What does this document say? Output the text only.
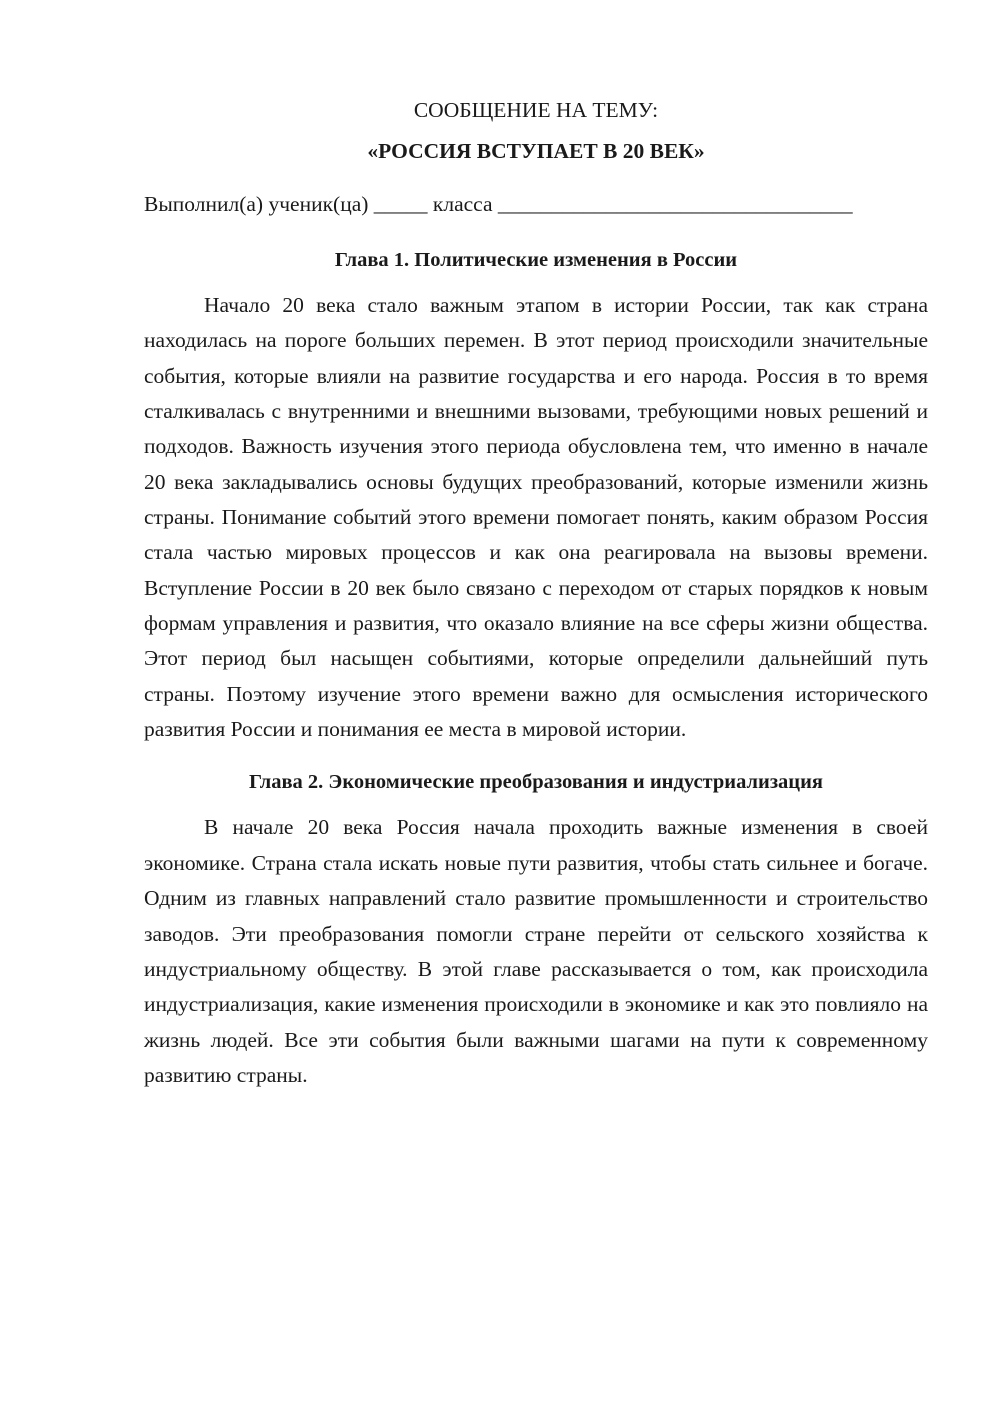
СООБЩЕНИЕ НА ТЕМУ:

«РОССИЯ ВСТУПАЕТ В 20 ВЕК»

Выполнил(а) ученик(ца) _____ класса _________________________________

Глава 1. Политические изменения в России

Начало 20 века стало важным этапом в истории России, так как страна находилась на пороге больших перемен. В этот период происходили значительные события, которые влияли на развитие государства и его народа. Россия в то время сталкивалась с внутренними и внешними вызовами, требующими новых решений и подходов. Важность изучения этого периода обусловлена тем, что именно в начале 20 века закладывались основы будущих преобразований, которые изменили жизнь страны. Понимание событий этого времени помогает понять, каким образом Россия стала частью мировых процессов и как она реагировала на вызовы времени. Вступление России в 20 век было связано с переходом от старых порядков к новым формам управления и развития, что оказало влияние на все сферы жизни общества. Этот период был насыщен событиями, которые определили дальнейший путь страны. Поэтому изучение этого времени важно для осмысления исторического развития России и понимания ее места в мировой истории.

Глава 2. Экономические преобразования и индустриализация

В начале 20 века Россия начала проходить важные изменения в своей экономике. Страна стала искать новые пути развития, чтобы стать сильнее и богаче. Одним из главных направлений стало развитие промышленности и строительство заводов. Эти преобразования помогли стране перейти от сельского хозяйства к индустриальному обществу. В этой главе рассказывается о том, как происходила индустриализация, какие изменения происходили в экономике и как это повлияло на жизнь людей. Все эти события были важными шагами на пути к современному развитию страны.
